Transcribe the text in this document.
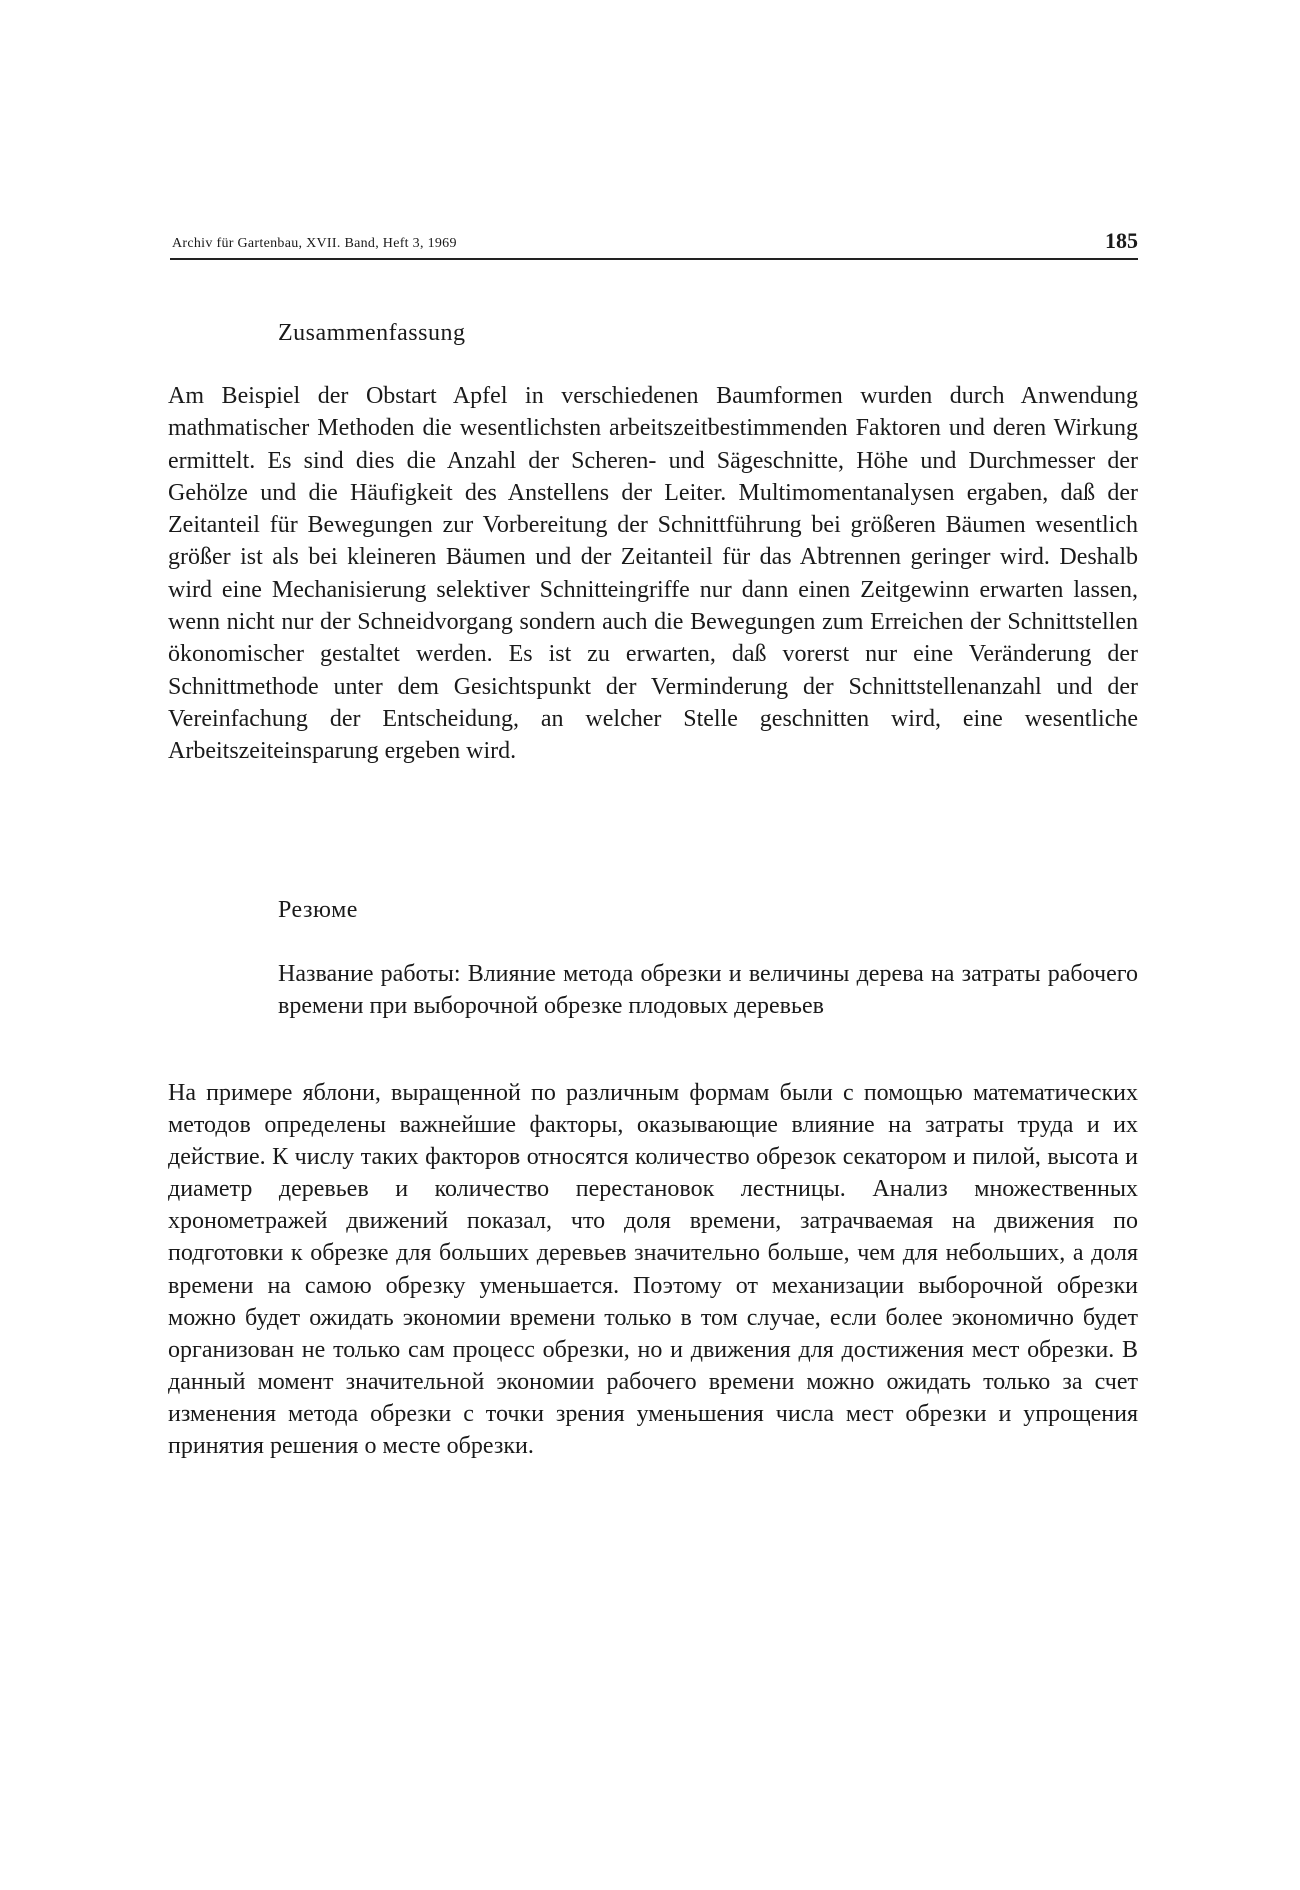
Archiv für Gartenbau, XVII. Band, Heft 3, 1969	185
Zusammenfassung

Am Beispiel der Obstart Apfel in verschiedenen Baumformen wurden durch Anwendung mathmatischer Methoden die wesentlichsten arbeitszeitbestimmenden Faktoren und deren Wirkung ermittelt. Es sind dies die Anzahl der Scheren- und Sägeschnitte, Höhe und Durchmesser der Gehölze und die Häufigkeit des Anstellens der Leiter. Multimomentanalysen ergaben, daß der Zeitanteil für Bewegungen zur Vorbereitung der Schnittführung bei größeren Bäumen wesentlich größer ist als bei kleineren Bäumen und der Zeitanteil für das Abtrennen geringer wird. Deshalb wird eine Mechanisierung selektiver Schnitteingriffe nur dann einen Zeitgewinn erwarten lassen, wenn nicht nur der Schneidvorgang sondern auch die Bewegungen zum Erreichen der Schnittstellen ökonomischer gestaltet werden. Es ist zu erwarten, daß vorerst nur eine Veränderung der Schnittmethode unter dem Gesichtspunkt der Verminderung der Schnittstellenanzahl und der Vereinfachung der Entscheidung, an welcher Stelle geschnitten wird, eine wesentliche Arbeitszeiteinsparung ergeben wird.

Резюме

Название работы: Влияние метода обрезки и величины дерева на затраты рабочего времени при выборочной обрезке плодовых деревьев

На примере яблони, выращенной по различным формам были с помощью математических методов определены важнейшие факторы, оказывающие влияние на затраты труда и их действие. К числу таких факторов относятся количество обрезок секатором и пилой, высота и диаметр деревьев и количество перестановок лестницы. Анализ множественных хронометражей движений показал, что доля времени, затрачваемая на движения по подготовки к обрезке для больших деревьев значительно больше, чем для небольших, а доля времени на самою обрезку уменьшается. Поэтому от механизации выборочной обрезки можно будет ожидать экономии времени только в том случае, если более экономично будет организован не только сам процесс обрезки, но и движения для достижения мест обрезки. В данный момент значительной экономии рабочего времени можно ожидать только за счет изменения метода обрезки с точки зрения уменьшения числа мест обрезки и упрощения принятия решения о месте обрезки.
